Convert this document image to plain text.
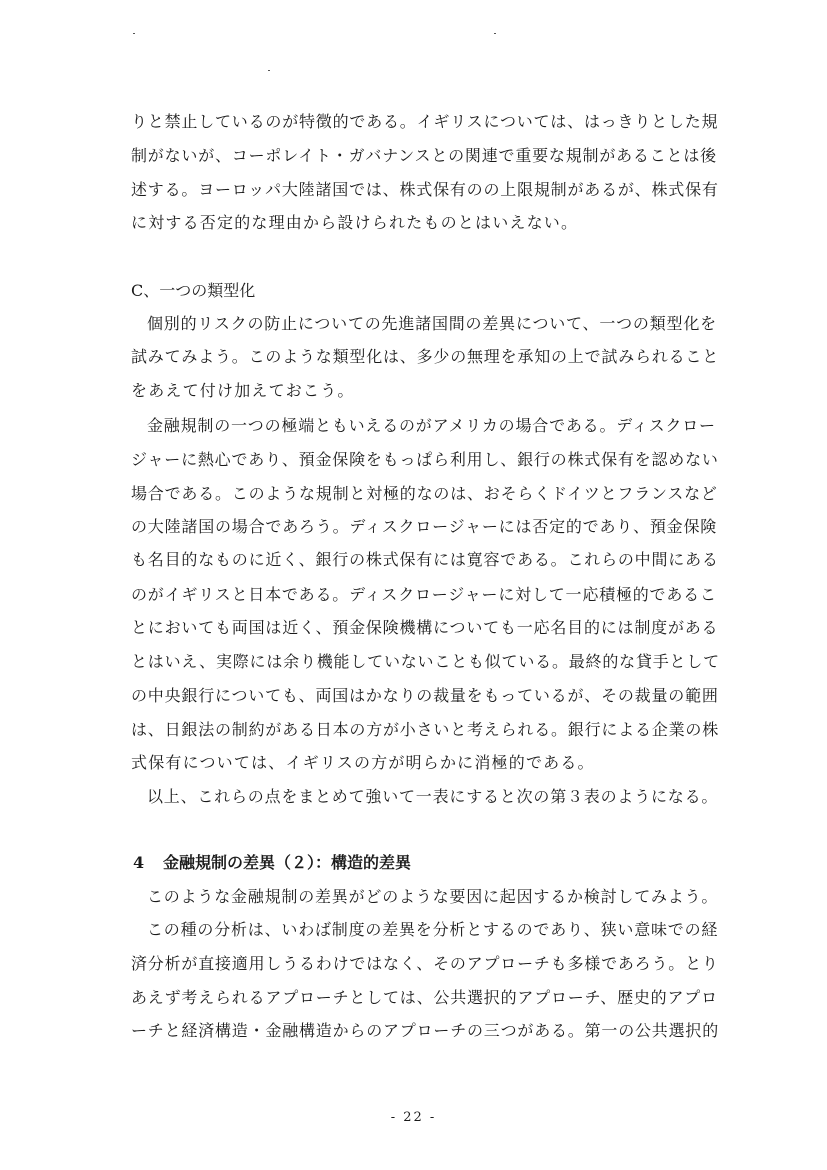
りと禁止しているのが特徴的である。イギリスについては、はっきりとした規
制がないが、コーポレイト・ガバナンスとの関連で重要な規制があることは後
述する。ヨーロッパ大陸諸国では、株式保有のの上限規制があるが、株式保有
に対する否定的な理由から設けられたものとはいえない。
C、一つの類型化
個別的リスクの防止についての先進諸国間の差異について、一つの類型化を
試みてみよう。このような類型化は、多少の無理を承知の上で試みられること
をあえて付け加えておこう。
金融規制の一つの極端ともいえるのがアメリカの場合である。ディスクロー
ジャーに熱心であり、預金保険をもっぱら利用し、銀行の株式保有を認めない
場合である。このような規制と対極的なのは、おそらくドイツとフランスなど
の大陸諸国の場合であろう。ディスクロージャーには否定的であり、預金保険
も名目的なものに近く、銀行の株式保有には寛容である。これらの中間にある
のがイギリスと日本である。ディスクロージャーに対して一応積極的であるこ
とにおいても両国は近く、預金保険機構についても一応名目的には制度がある
とはいえ、実際には余り機能していないことも似ている。最終的な貸手として
の中央銀行についても、両国はかなりの裁量をもっているが、その裁量の範囲
は、日銀法の制約がある日本の方が小さいと考えられる。銀行による企業の株
式保有については、イギリスの方が明らかに消極的である。
以上、これらの点をまとめて強いて一表にすると次の第３表のようになる。
4 金融規制の差異（２）：構造的差異
このような金融規制の差異がどのような要因に起因するか検討してみよう。
この種の分析は、いわば制度の差異を分析とするのであり、狭い意味での経
済分析が直接適用しうるわけではなく、そのアプローチも多様であろう。とり
あえず考えられるアプローチとしては、公共選択的アプローチ、歴史的アプロ
ーチと経済構造・金融構造からのアプローチの三つがある。第一の公共選択的
- 22 -
